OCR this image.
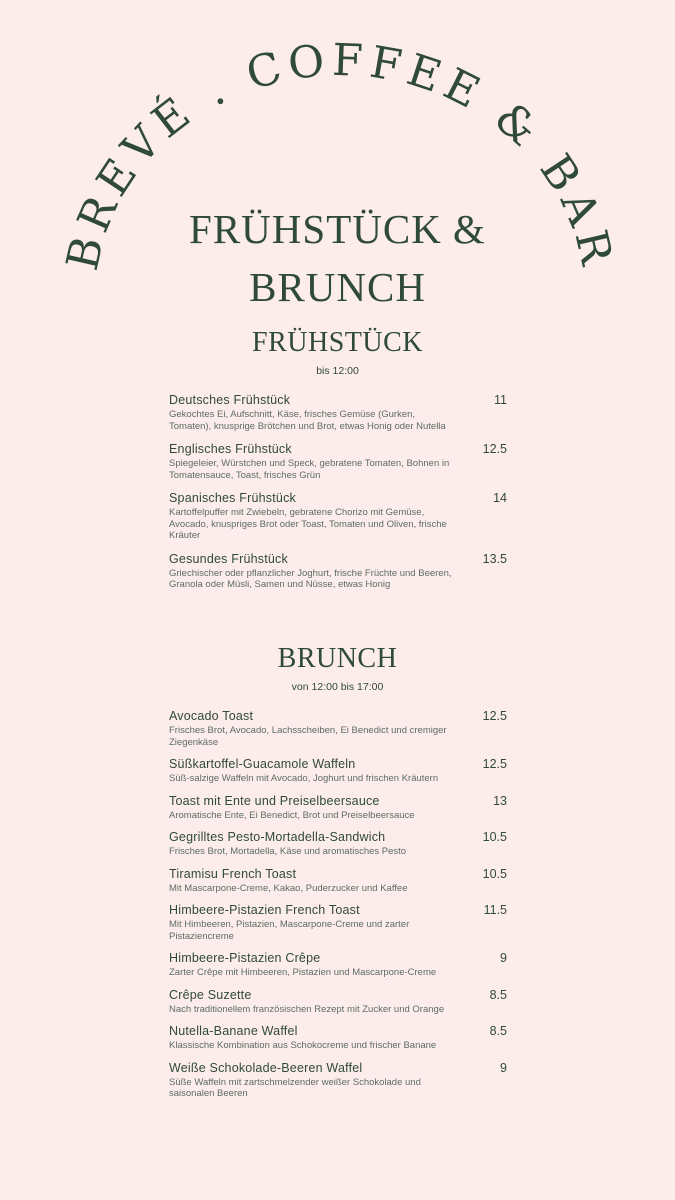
BREVÉ . COFFEE & BAR
FRÜHSTÜCK &
BRUNCH
FRÜHSTÜCK
bis 12:00
Deutsches Frühstück	11
Gekochtes Ei, Aufschnitt, Käse, frisches Gemüse (Gurken, Tomaten), knusprige Brötchen und Brot, etwas Honig oder Nutella
Englisches Frühstück	12.5
Spiegeleier, Würstchen und Speck, gebratene Tomaten, Bohnen in Tomatensauce, Toast, frisches Grün
Spanisches Frühstück	14
Kartoffelpuffer mit Zwiebeln, gebratene Chorizo mit Gemüse, Avocado, knuspriges Brot oder Toast, Tomaten und Oliven, frische Kräuter
Gesundes Frühstück	13.5
Griechischer oder pflanzlicher Joghurt, frische Früchte und Beeren, Granola oder Müsli, Samen und Nüsse, etwas Honig
BRUNCH
von 12:00 bis 17:00
Avocado Toast	12.5
Frisches Brot, Avocado, Lachsscheiben, Ei Benedict und cremiger Ziegenkäse
Süßkartoffel-Guacamole Waffeln	12.5
Süß-salzige Waffeln mit Avocado, Joghurt und frischen Kräutern
Toast mit Ente und Preiselbeersauce	13
Aromatische Ente, Ei Benedict, Brot und Preiselbeersauce
Gegrilltes Pesto-Mortadella-Sandwich	10.5
Frisches Brot, Mortadella, Käse und aromatisches Pesto
Tiramisu French Toast	10.5
Mit Mascarpone-Creme, Kakao, Puderzucker und Kaffee
Himbeere-Pistazien French Toast	11.5
Mit Himbeeren, Pistazien, Mascarpone-Creme und zarter Pistaziencreme
Himbeere-Pistazien Crêpe	9
Zarter Crêpe mit Himbeeren, Pistazien und Mascarpone-Creme
Crêpe Suzette	8.5
Nach traditionellem französischen Rezept mit Zucker und Orange
Nutella-Banane Waffel	8.5
Klassische Kombination aus Schokocreme und frischer Banane
Weiße Schokolade-Beeren Waffel	9
Süße Waffeln mit zartschmelzender weißer Schokolade und saisonalen Beeren
